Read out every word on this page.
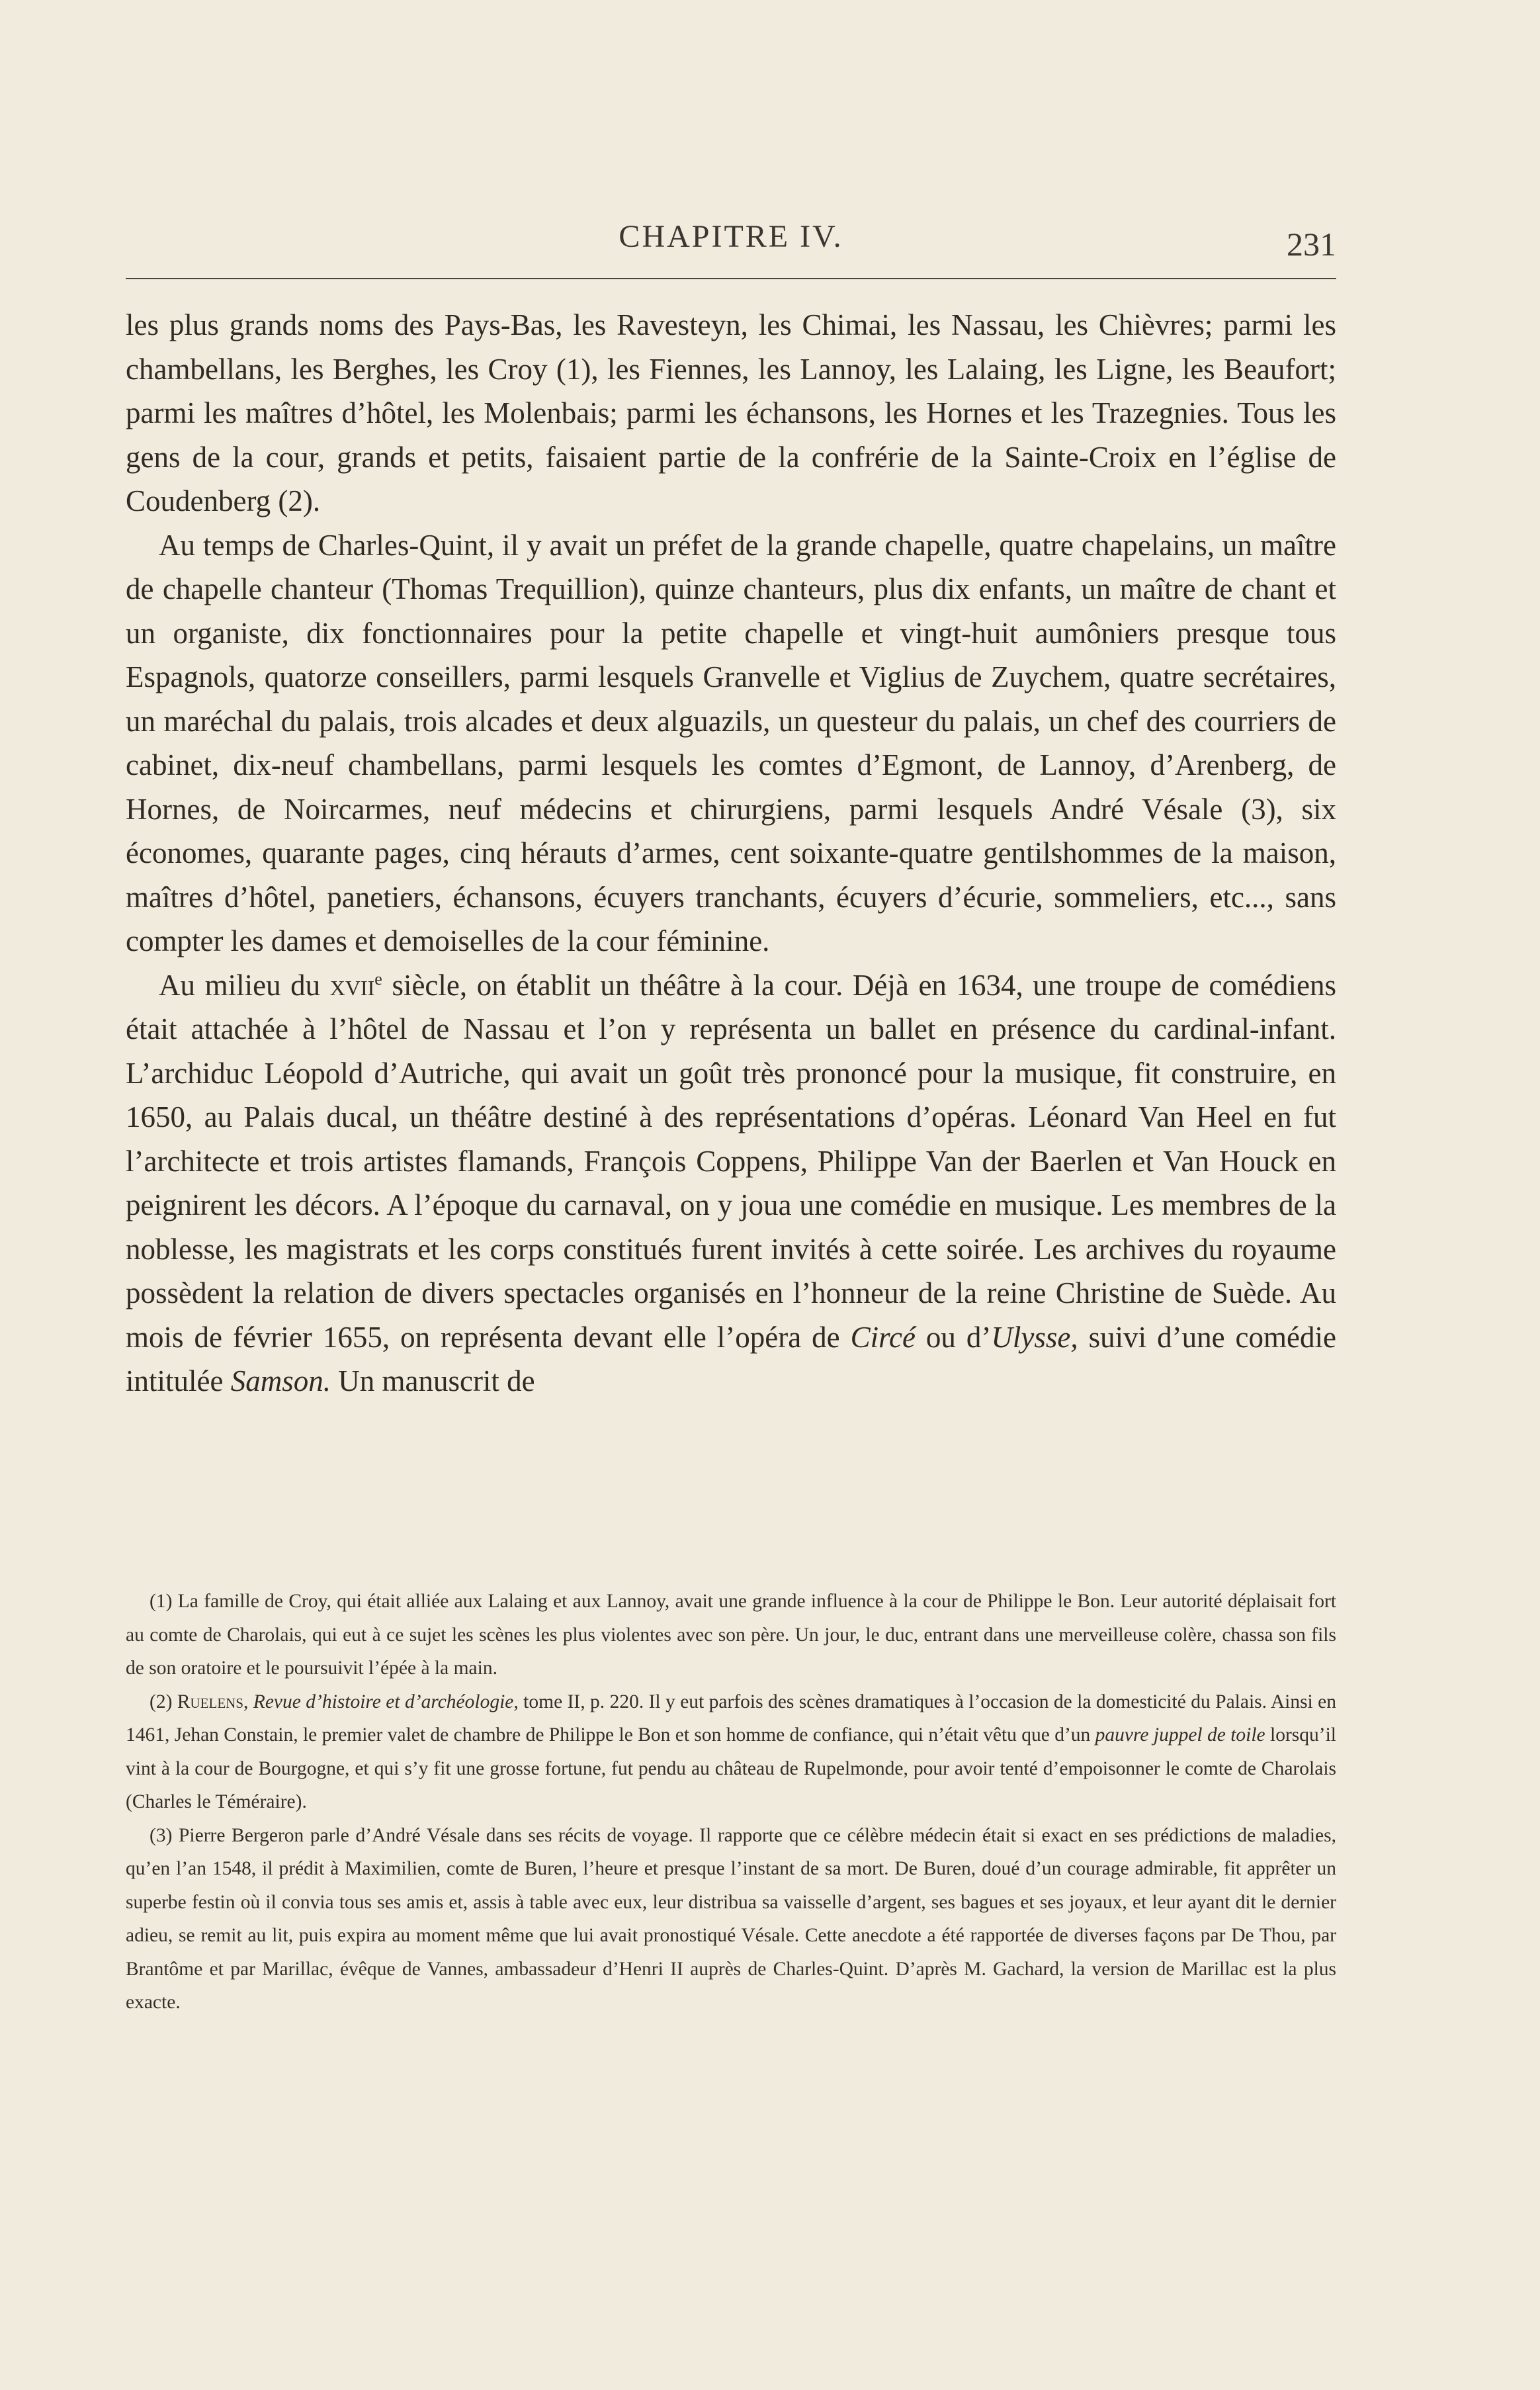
CHAPITRE IV.	231

les plus grands noms des Pays-Bas, les Ravesteyn, les Chimai, les Nassau, les Chièvres; parmi les chambellans, les Berghes, les Croy (1), les Fiennes, les Lannoy, les Lalaing, les Ligne, les Beaufort; parmi les maîtres d’hôtel, les Molenbais; parmi les échansons, les Hornes et les Trazegnies. Tous les gens de la cour, grands et petits, faisaient partie de la confrérie de la Sainte-Croix en l’église de Coudenberg (2).

Au temps de Charles-Quint, il y avait un préfet de la grande chapelle, quatre chapelains, un maître de chapelle chanteur (Thomas Trequillion), quinze chanteurs, plus dix enfants, un maître de chant et un organiste, dix fonctionnaires pour la petite chapelle et vingt-huit aumôniers presque tous Espagnols, quatorze conseillers, parmi lesquels Granvelle et Viglius de Zuychem, quatre secrétaires, un maréchal du palais, trois alcades et deux alguazils, un questeur du palais, un chef des courriers de cabinet, dix-neuf chambellans, parmi lesquels les comtes d’Egmont, de Lannoy, d’Arenberg, de Hornes, de Noircarmes, neuf médecins et chirurgiens, parmi lesquels André Vésale (3), six économes, quarante pages, cinq hérauts d’armes, cent soixante-quatre gentilshommes de la maison, maîtres d’hôtel, panetiers, échansons, écuyers tranchants, écuyers d’écurie, sommeliers, etc..., sans compter les dames et demoiselles de la cour féminine.

Au milieu du xvii$^e$ siècle, on établit un théâtre à la cour. Déjà en 1634, une troupe de comédiens était attachée à l’hôtel de Nassau et l’on y représenta un ballet en présence du cardinal-infant. L’archiduc Léopold d’Autriche, qui avait un goût très prononcé pour la musique, fit construire, en 1650, au Palais ducal, un théâtre destiné à des représentations d’opéras. Léonard Van Heel en fut l’architecte et trois artistes flamands, François Coppens, Philippe Van der Baerlen et Van Houck en peignirent les décors. A l’époque du carnaval, on y joua une comédie en musique. Les membres de la noblesse, les magistrats et les corps constitués furent invités à cette soirée. Les archives du royaume possèdent la relation de divers spectacles organisés en l’honneur de la reine Christine de Suède. Au mois de février 1655, on représenta devant elle l’opéra de Circé ou d’Ulysse, suivi d’une comédie intitulée Samson. Un manuscrit de

(1) La famille de Croy, qui était alliée aux Lalaing et aux Lannoy, avait une grande influence à la cour de Philippe le Bon. Leur autorité déplaisait fort au comte de Charolais, qui eut à ce sujet les scènes les plus violentes avec son père. Un jour, le duc, entrant dans une merveilleuse colère, chassa son fils de son oratoire et le poursuivit l’épée à la main.

(2) Ruelens, Revue d’histoire et d’archéologie, tome II, p. 220. Il y eut parfois des scènes dramatiques à l’occasion de la domesticité du Palais. Ainsi en 1461, Jehan Constain, le premier valet de chambre de Philippe le Bon et son homme de confiance, qui n’était vêtu que d’un pauvre juppel de toile lorsqu’il vint à la cour de Bourgogne, et qui s’y fit une grosse fortune, fut pendu au château de Rupelmonde, pour avoir tenté d’empoisonner le comte de Charolais (Charles le Téméraire).

(3) Pierre Bergeron parle d’André Vésale dans ses récits de voyage. Il rapporte que ce célèbre médecin était si exact en ses prédictions de maladies, qu’en l’an 1548, il prédit à Maximilien, comte de Buren, l’heure et presque l’instant de sa mort. De Buren, doué d’un courage admirable, fit apprêter un superbe festin où il convia tous ses amis et, assis à table avec eux, leur distribua sa vaisselle d’argent, ses bagues et ses joyaux, et leur ayant dit le dernier adieu, se remit au lit, puis expira au moment même que lui avait pronostiqué Vésale. Cette anecdote a été rapportée de diverses façons par De Thou, par Brantôme et par Marillac, évêque de Vannes, ambassadeur d’Henri II auprès de Charles-Quint. D’après M. Gachard, la version de Marillac est la plus exacte.
